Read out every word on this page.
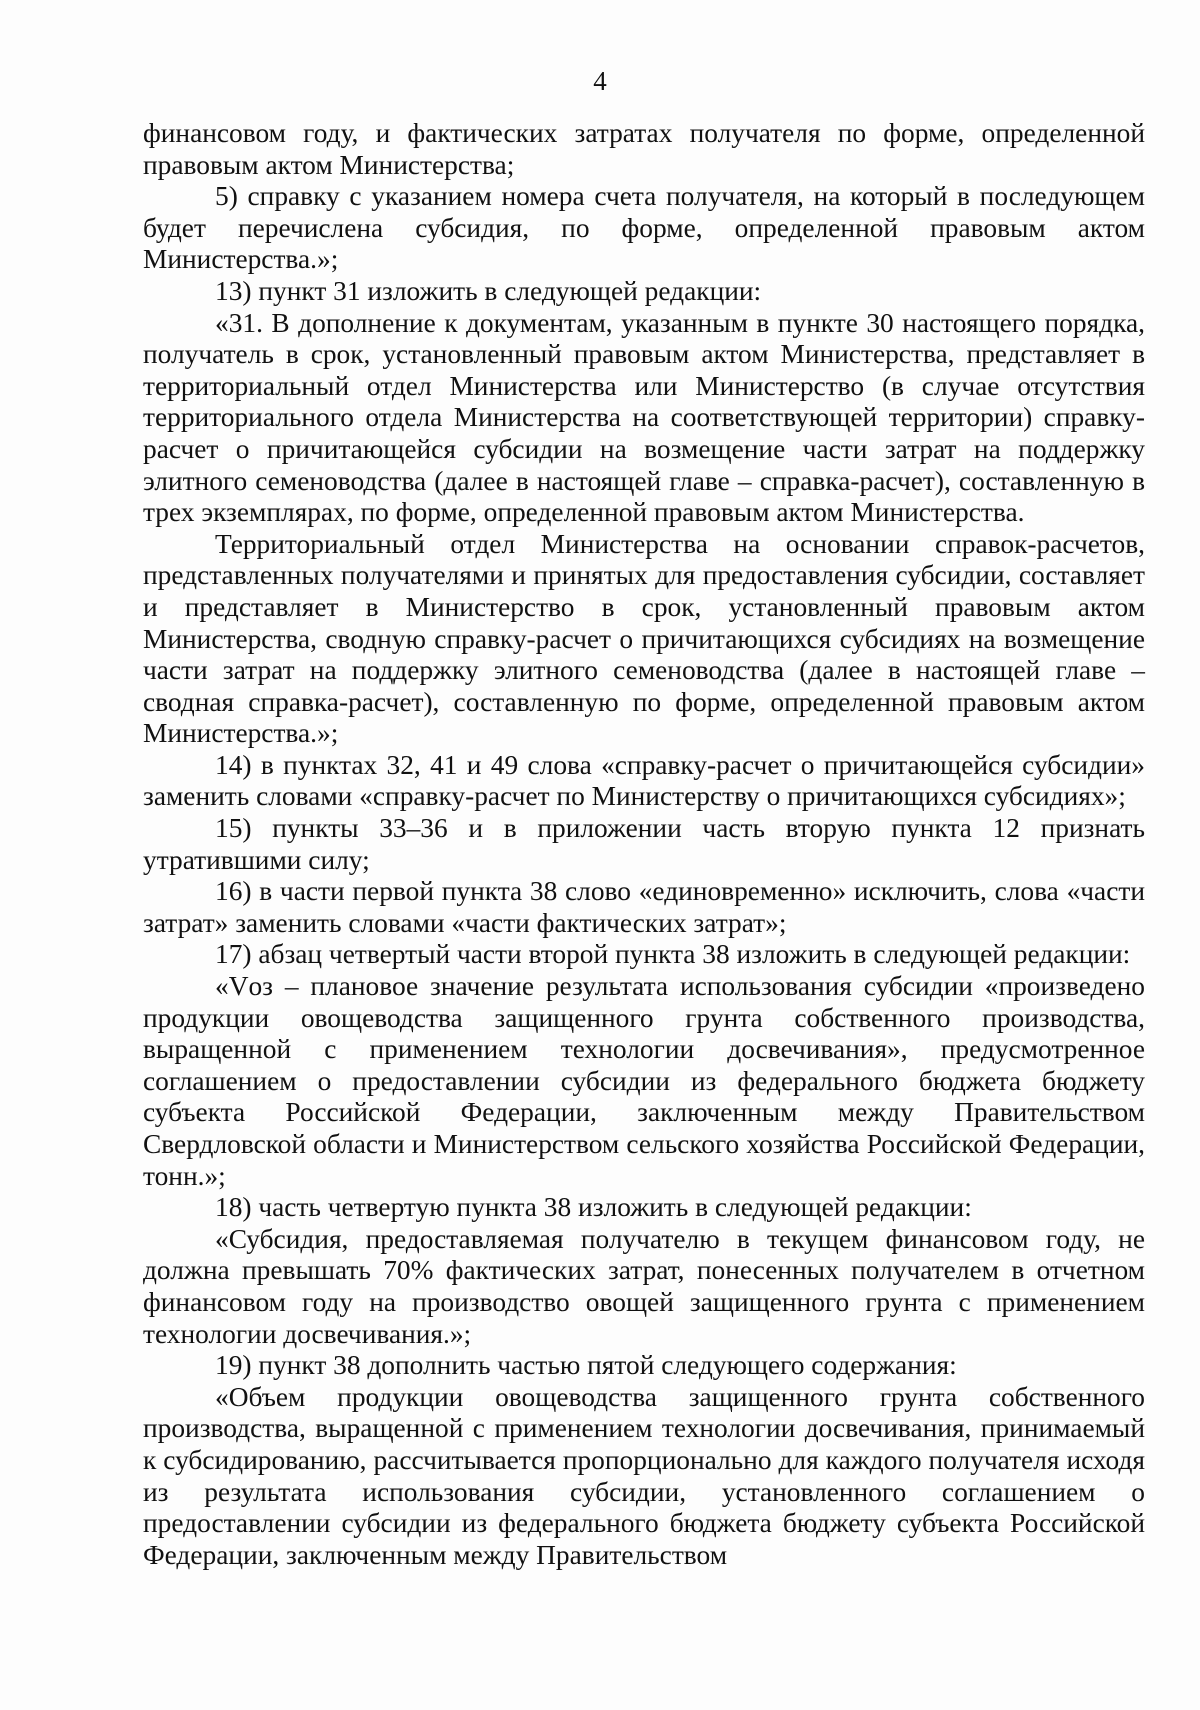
4

финансовом году, и фактических затратах получателя по форме, определенной правовым актом Министерства;

5) справку с указанием номера счета получателя, на который в последующем будет перечислена субсидия, по форме, определенной правовым актом Министерства.»;

13) пункт 31 изложить в следующей редакции:

«31. В дополнение к документам, указанным в пункте 30 настоящего порядка, получатель в срок, установленный правовым актом Министерства, представляет в территориальный отдел Министерства или Министерство (в случае отсутствия территориального отдела Министерства на соответствующей территории) справку-расчет о причитающейся субсидии на возмещение части затрат на поддержку элитного семеноводства (далее в настоящей главе – справка-расчет), составленную в трех экземплярах, по форме, определенной правовым актом Министерства.

Территориальный отдел Министерства на основании справок-расчетов, представленных получателями и принятых для предоставления субсидии, составляет и представляет в Министерство в срок, установленный правовым актом Министерства, сводную справку-расчет о причитающихся субсидиях на возмещение части затрат на поддержку элитного семеноводства (далее в настоящей главе – сводная справка-расчет), составленную по форме, определенной правовым актом Министерства.»;

14) в пунктах 32, 41 и 49 слова «справку-расчет о причитающейся субсидии» заменить словами «справку-расчет по Министерству о причитающихся субсидиях»;

15) пункты 33–36 и в приложении часть вторую пункта 12 признать утратившими силу;

16) в части первой пункта 38 слово «единовременно» исключить, слова «части затрат» заменить словами «части фактических затрат»;

17) абзац четвертый части второй пункта 38 изложить в следующей редакции:

«Vоз – плановое значение результата использования субсидии «произведено продукции овощеводства защищенного грунта собственного производства, выращенной с применением технологии досвечивания», предусмотренное соглашением о предоставлении субсидии из федерального бюджета бюджету субъекта Российской Федерации, заключенным между Правительством Свердловской области и Министерством сельского хозяйства Российской Федерации, тонн.»;

18) часть четвертую пункта 38 изложить в следующей редакции:

«Субсидия, предоставляемая получателю в текущем финансовом году, не должна превышать 70% фактических затрат, понесенных получателем в отчетном финансовом году на производство овощей защищенного грунта с применением технологии досвечивания.»;

19) пункт 38 дополнить частью пятой следующего содержания:

«Объем продукции овощеводства защищенного грунта собственного производства, выращенной с применением технологии досвечивания, принимаемый к субсидированию, рассчитывается пропорционально для каждого получателя исходя из результата использования субсидии, установленного соглашением о предоставлении субсидии из федерального бюджета бюджету субъекта Российской Федерации, заключенным между Правительством
